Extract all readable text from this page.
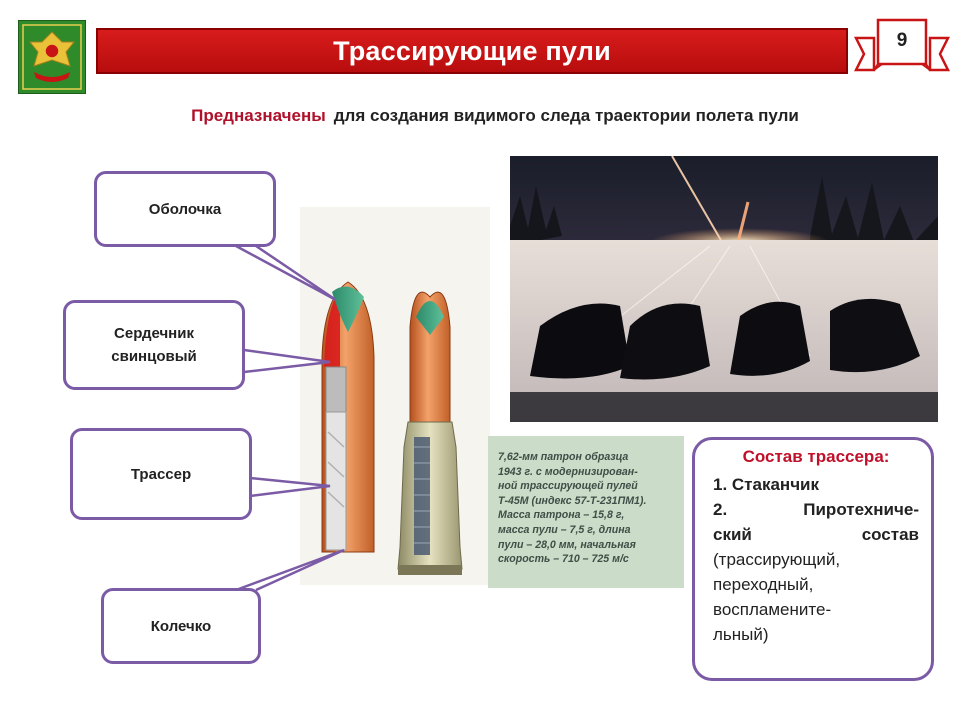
Трассирующие пули	9
Предназначены для создания видимого следа траектории полета пули
7,62-мм патрон образца
1943 г. с модернизирован-
ной трассирующей пулей
Т-45М (индекс 57-Т-231ПМ1).
Масса патрона – 15,8 г,
масса пули – 7,5 г, длина
пули – 28,0 мм, начальная
скорость – 710 – 725 м/с
Оболочка
Сердечник
свинцовый
Трассер
Колечко
Состав трассера:
1. Стаканчик
2.	Пиротехниче-
ский	состав
(трассирующий,
переходный,
воспламените-
льный)
